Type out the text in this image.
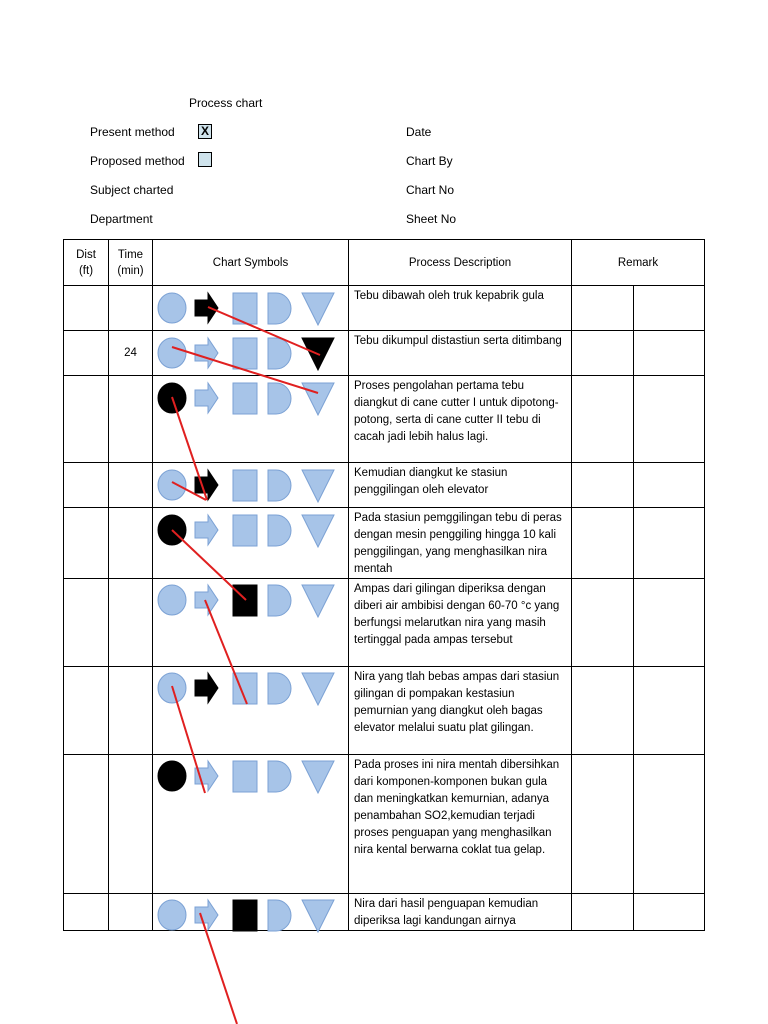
Process chart
Present method X
Proposed method
Subject charted
Department
Date
Chart By
Chart No
Sheet No
Dist (ft)	Time (min)	Chart Symbols	Process Description	Remark	
			Tebu dibawah oleh truk kepabrik gula		
	24		Tebu dikumpul distastiun serta ditimbang		
			Proses pengolahan pertama tebu diangkut di cane cutter I untuk dipotong-potong, serta di cane cutter II tebu di cacah jadi lebih halus lagi.		
			Kemudian diangkut ke stasiun penggilingan oleh elevator		
			Pada stasiun pemggilingan tebu di peras dengan mesin penggiling hingga 10 kali penggilingan, yang menghasilkan nira mentah		
			Ampas dari gilingan diperiksa dengan diberi air ambibisi dengan 60-70 °c yang berfungsi melarutkan nira yang masih tertinggal pada ampas tersebut		
			Nira yang tlah bebas ampas dari stasiun gilingan di pompakan kestasiun pemurnian yang diangkut oleh bagas elevator melalui suatu plat gilingan.		
			Pada proses ini nira mentah dibersihkan dari komponen-komponen bukan gula dan meningkatkan kemurnian, adanya penambahan SO2,kemudian terjadi proses penguapan yang menghasilkan nira kental berwarna coklat tua gelap.		
			Nira dari hasil penguapan kemudian diperiksa lagi kandungan airnya		
